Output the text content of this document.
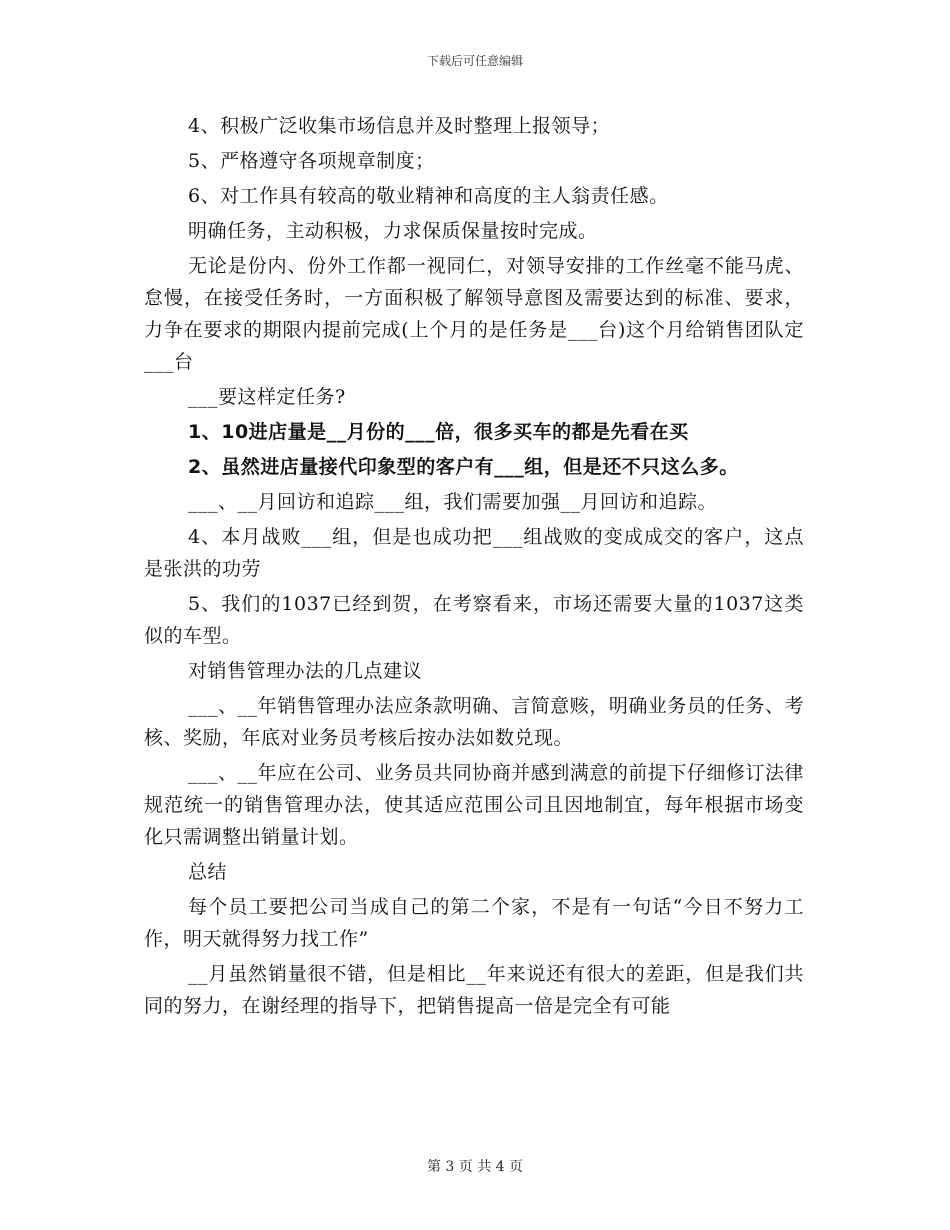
下载后可任意编辑

4、积极广泛收集市场信息并及时整理上报领导；

5、严格遵守各项规章制度；

6、对工作具有较高的敬业精神和高度的主人翁责任感。

明确任务，主动积极，力求保质保量按时完成。

无论是份内、份外工作都一视同仁，对领导安排的工作丝毫不能马虎、怠慢，在接受任务时，一方面积极了解领导意图及需要达到的标准、要求，力争在要求的期限内提前完成(上个月的是任务是___台)这个月给销售团队定___台

___要这样定任务?

1、10进店量是__月份的___倍，很多买车的都是先看在买

2、虽然进店量接代印象型的客户有___组，但是还不只这么多。

___、__月回访和追踪___组，我们需要加强__月回访和追踪。

4、本月战败___组，但是也成功把___组战败的变成成交的客户，这点是张洪的功劳

5、我们的1037已经到贺，在考察看来，市场还需要大量的1037这类似的车型。

对销售管理办法的几点建议

___、__年销售管理办法应条款明确、言简意赅，明确业务员的任务、考核、奖励，年底对业务员考核后按办法如数兑现。

___、__年应在公司、业务员共同协商并感到满意的前提下仔细修订法律规范统一的销售管理办法，使其适应范围公司且因地制宜，每年根据市场变化只需调整出销量计划。

总结

每个员工要把公司当成自己的第二个家，不是有一句话“今日不努力工作，明天就得努力找工作”

__月虽然销量很不错，但是相比__年来说还有很大的差距，但是我们共同的努力，在谢经理的指导下，把销售提高一倍是完全有可能

第 3 页 共 4 页
